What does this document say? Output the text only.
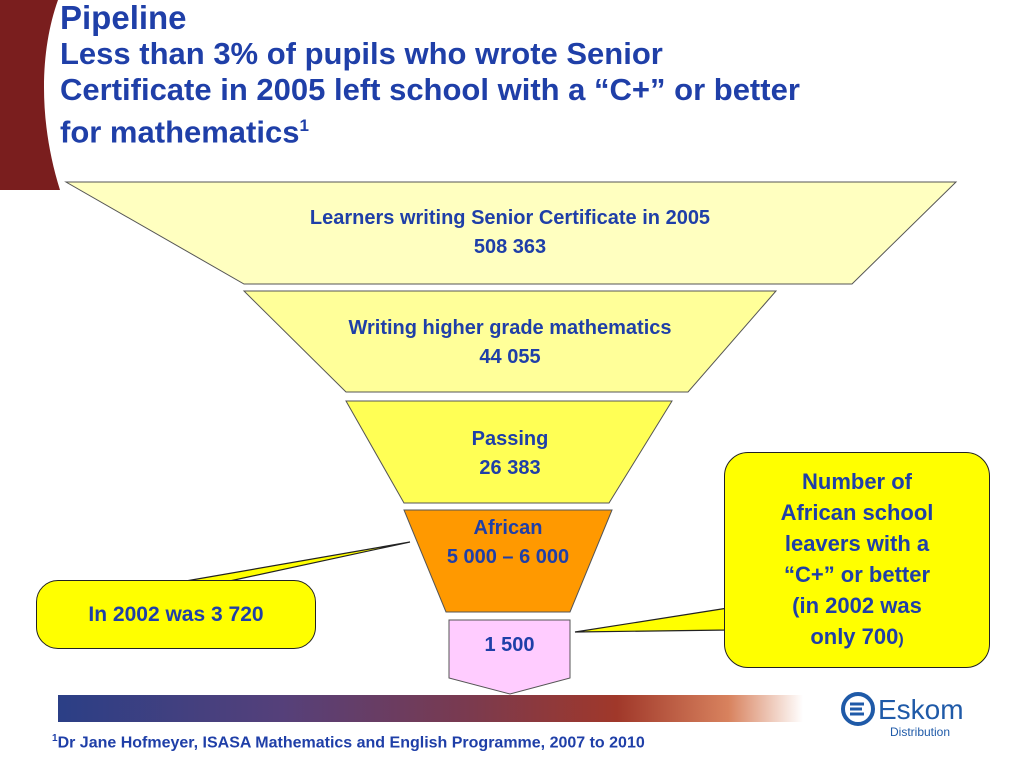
Pipeline
Less than 3% of pupils who wrote Senior
Certificate in 2005 left school with a “C+” or better
for mathematics$^1$
Learners writing Senior Certificate in 2005
508 363
Writing higher grade mathematics
44 055
Passing
26 383
African
5 000 – 6 000
1 500
In 2002 was 3 720
Number of
African school
leavers with a
“C+” or better
(in 2002 was
only 700)
Eskom
Distribution
$^1$Dr Jane Hofmeyer, ISASA Mathematics and English Programme, 2007 to 2010
